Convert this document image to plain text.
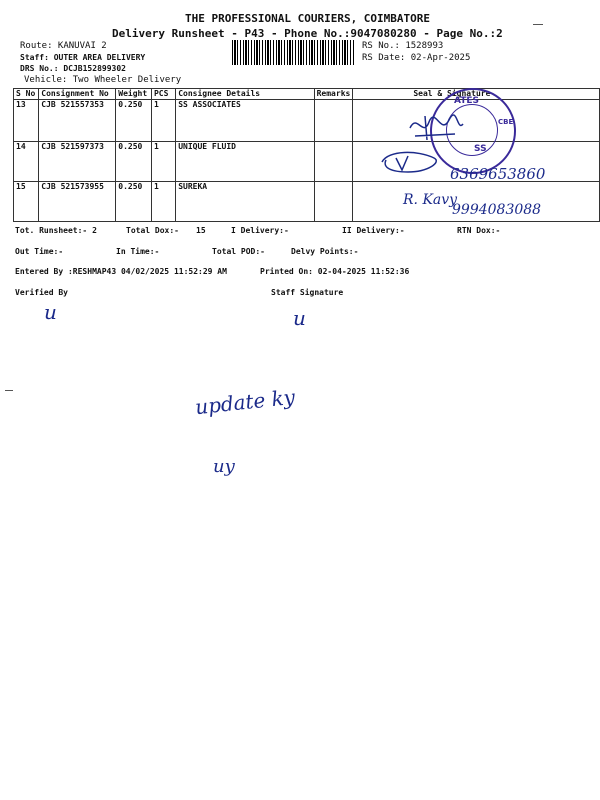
THE PROFESSIONAL COURIERS, COIMBATORE
Delivery Runsheet - P43 - Phone No.:9047080280 - Page No.:2
Route: KANUVAI 2
Staff: OUTER AREA DELIVERY
DRS No.: DCJB152899302
Vehicle: Two Wheeler Delivery
RS No.: 1528993
RS Date: 02-Apr-2025
S No	Consignment No	Weight	PCS	Consignee Details	Remarks	Seal & Signature
13	CJB 521557353	0.250	1	SS ASSOCIATES		
14	CJB 521597373	0.250	1	UNIQUE FLUID		
15	CJB 521573955	0.250	1	SUREKA		
ATES
SS
CBE
6369653860
R. Kavy
9994083088
Tot. Runsheet:- 2	Total Dox:- 15	I Delivery:-	II Delivery:-	RTN Dox:-
Out Time:-	In Time:-	Total POD:-	Delvy Points:-
Entered By :RESHMAP43 04/02/2025 11:52:29 AM	Printed On: 02-04-2025 11:52:36
Verified By	Staff Signature
u	u
update ky
uy
